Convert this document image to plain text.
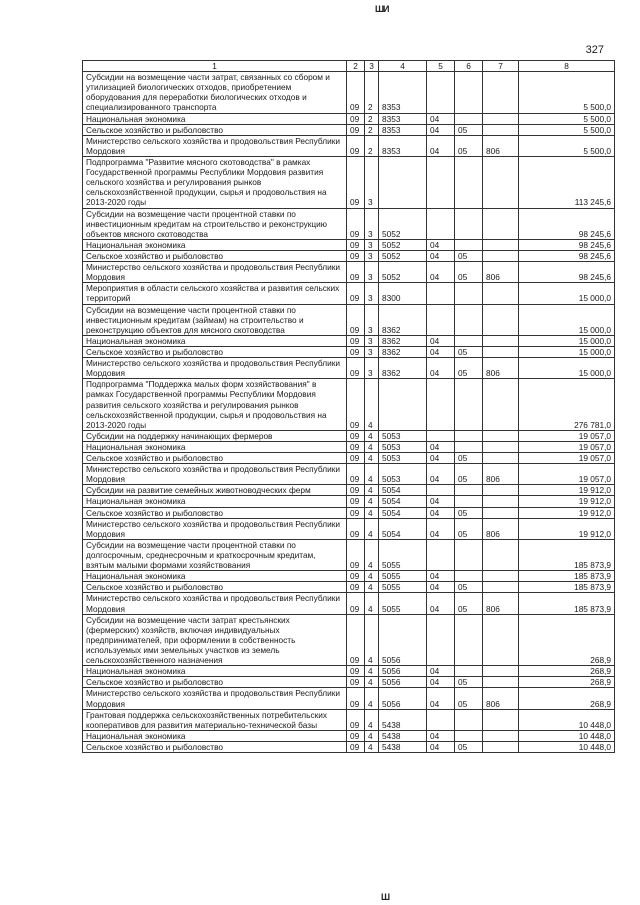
ШИ
327
1	2	3	4	5	6	7	8
Субсидии на возмещение части затрат, связанных со сбором и утилизацией биологических отходов, приобретением оборудования для переработки биологических отходов и специализированного транспорта	09	2	8353				5 500,0
Национальная экономика	09	2	8353	04			5 500,0
Сельское хозяйство и рыболовство	09	2	8353	04	05		5 500,0
Министерство сельского хозяйства и продовольствия Республики Мордовия	09	2	8353	04	05	806	5 500,0
Подпрограмма "Развитие мясного скотоводства" в рамках Государственной программы Республики Мордовия развития сельского хозяйства и регулирования рынков сельскохозяйственной продукции, сырья и продовольствия на 2013-2020 годы	09	3					113 245,6
Субсидии на возмещение части процентной ставки по инвестиционным кредитам на строительство и реконструкцию объектов мясного скотоводства	09	3	5052				98 245,6
Национальная экономика	09	3	5052	04			98 245,6
Сельское хозяйство и рыболовство	09	3	5052	04	05		98 245,6
Министерство сельского хозяйства и продовольствия Республики Мордовия	09	3	5052	04	05	806	98 245,6
Мероприятия в области сельского хозяйства и развития сельских территорий	09	3	8300				15 000,0
Субсидии на возмещение части процентной ставки по инвестиционным кредитам (займам) на строительство и реконструкцию объектов для мясного скотоводства	09	3	8362				15 000,0
Национальная экономика	09	3	8362	04			15 000,0
Сельское хозяйство и рыболовство	09	3	8362	04	05		15 000,0
Министерство сельского хозяйства и продовольствия Республики Мордовия	09	3	8362	04	05	806	15 000,0
Подпрограмма "Поддержка малых форм хозяйствования" в рамках Государственной программы Республики Мордовия развития сельского хозяйства и регулирования рынков сельскохозяйственной продукции, сырья и продовольствия на 2013-2020 годы	09	4					276 781,0
Субсидии на поддержку начинающих фермеров	09	4	5053				19 057,0
Национальная экономика	09	4	5053	04			19 057,0
Сельское хозяйство и рыболовство	09	4	5053	04	05		19 057,0
Министерство сельского хозяйства и продовольствия Республики Мордовия	09	4	5053	04	05	806	19 057,0
Субсидии на развитие семейных животноводческих ферм	09	4	5054				19 912,0
Национальная экономика	09	4	5054	04			19 912,0
Сельское хозяйство и рыболовство	09	4	5054	04	05		19 912,0
Министерство сельского хозяйства и продовольствия Республики Мордовия	09	4	5054	04	05	806	19 912,0
Субсидии на возмещение части процентной ставки по долгосрочным, среднесрочным и краткосрочным кредитам, взятым малыми формами хозяйствования	09	4	5055				185 873,9
Национальная экономика	09	4	5055	04			185 873,9
Сельское хозяйство и рыболовство	09	4	5055	04	05		185 873,9
Министерство сельского хозяйства и продовольствия Республики Мордовия	09	4	5055	04	05	806	185 873,9
Субсидии на возмещение части затрат крестьянских (фермерских) хозяйств, включая индивидуальных предпринимателей, при оформлении в собственность используемых ими земельных участков из земель сельскохозяйственного назначения	09	4	5056				268,9
Национальная экономика	09	4	5056	04			268,9
Сельское хозяйство и рыболовство	09	4	5056	04	05		268,9
Министерство сельского хозяйства и продовольствия Республики Мордовия	09	4	5056	04	05	806	268,9
Грантовая поддержка сельскохозяйственных потребительских кооперативов для развития материально-технической базы	09	4	5438				10 448,0
Национальная экономика	09	4	5438	04			10 448,0
Сельское хозяйство и рыболовство	09	4	5438	04	05		10 448,0
Ш
